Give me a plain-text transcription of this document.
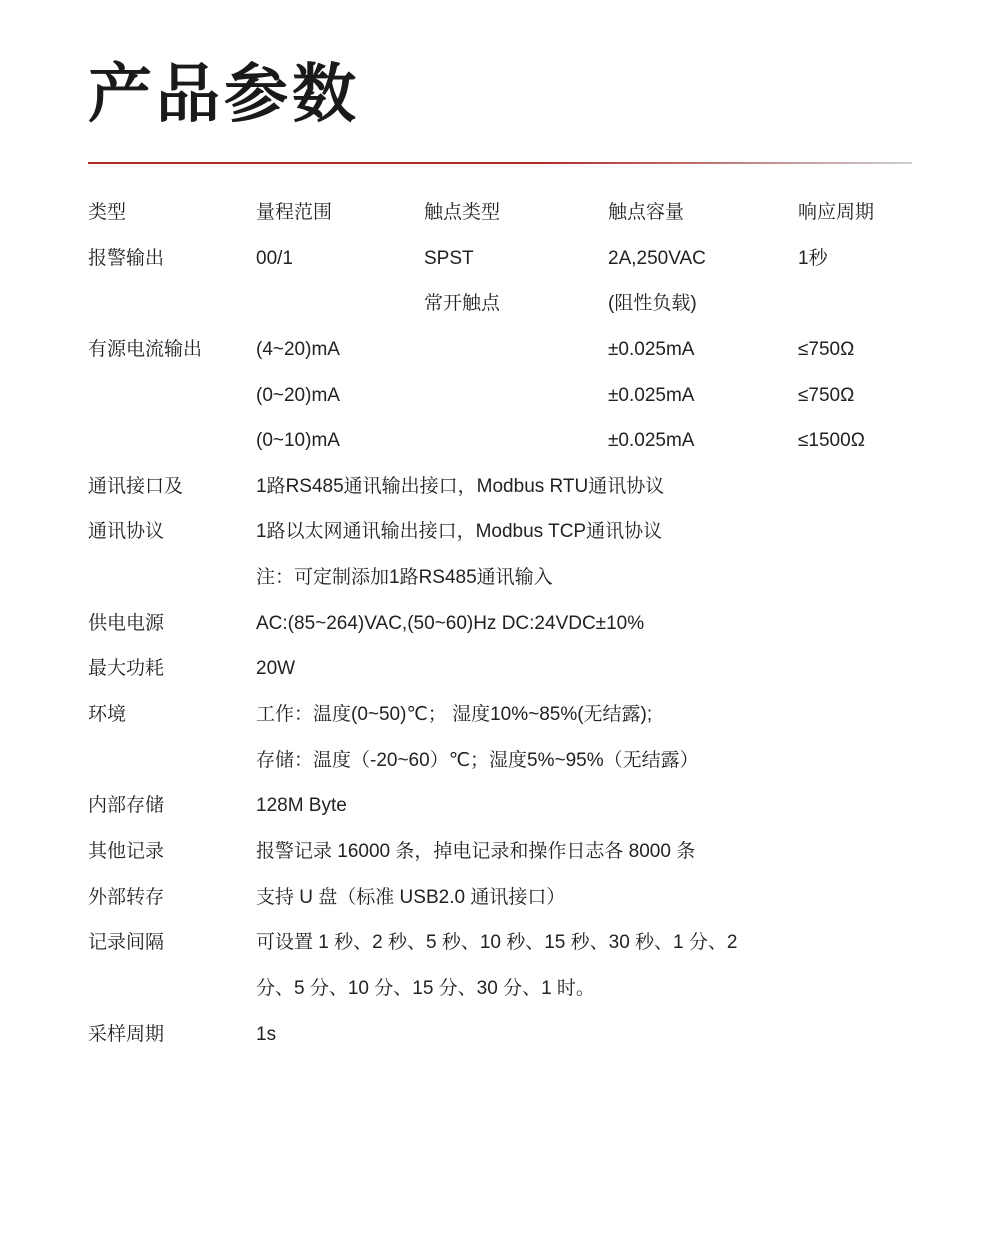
产品参数
类型	量程范围	触点类型	触点容量	响应周期
报警输出	00/1	SPST	2A,250VAC	1秒
		常开触点	(阻性负载)	
有源电流输出	(4~20)mA		±0.025mA	≤750Ω
	(0~20)mA		±0.025mA	≤750Ω
	(0~10)mA		±0.025mA	≤1500Ω
通讯接口及	1路RS485通讯输出接口，Modbus RTU通讯协议			
通讯协议	1路以太网通讯输出接口，Modbus TCP通讯协议			
	注：可定制添加1路RS485通讯输入			
供电电源	AC:(85~264)VAC,(50~60)Hz DC:24VDC±10%			
最大功耗	20W			
环境	工作：温度(0~50)℃； 湿度10%~85%(无结露);			
	存储：温度（-20~60）℃；湿度5%~95%（无结露）			
内部存储	128M Byte			
其他记录	报警记录 16000 条，掉电记录和操作日志各 8000 条			
外部转存	支持 U 盘（标准 USB2.0 通讯接口）			
记录间隔	可设置 1 秒、2 秒、5 秒、10 秒、15 秒、30 秒、1 分、2			
	分、5 分、10 分、15 分、30 分、1 时。			
采样周期	1s			
